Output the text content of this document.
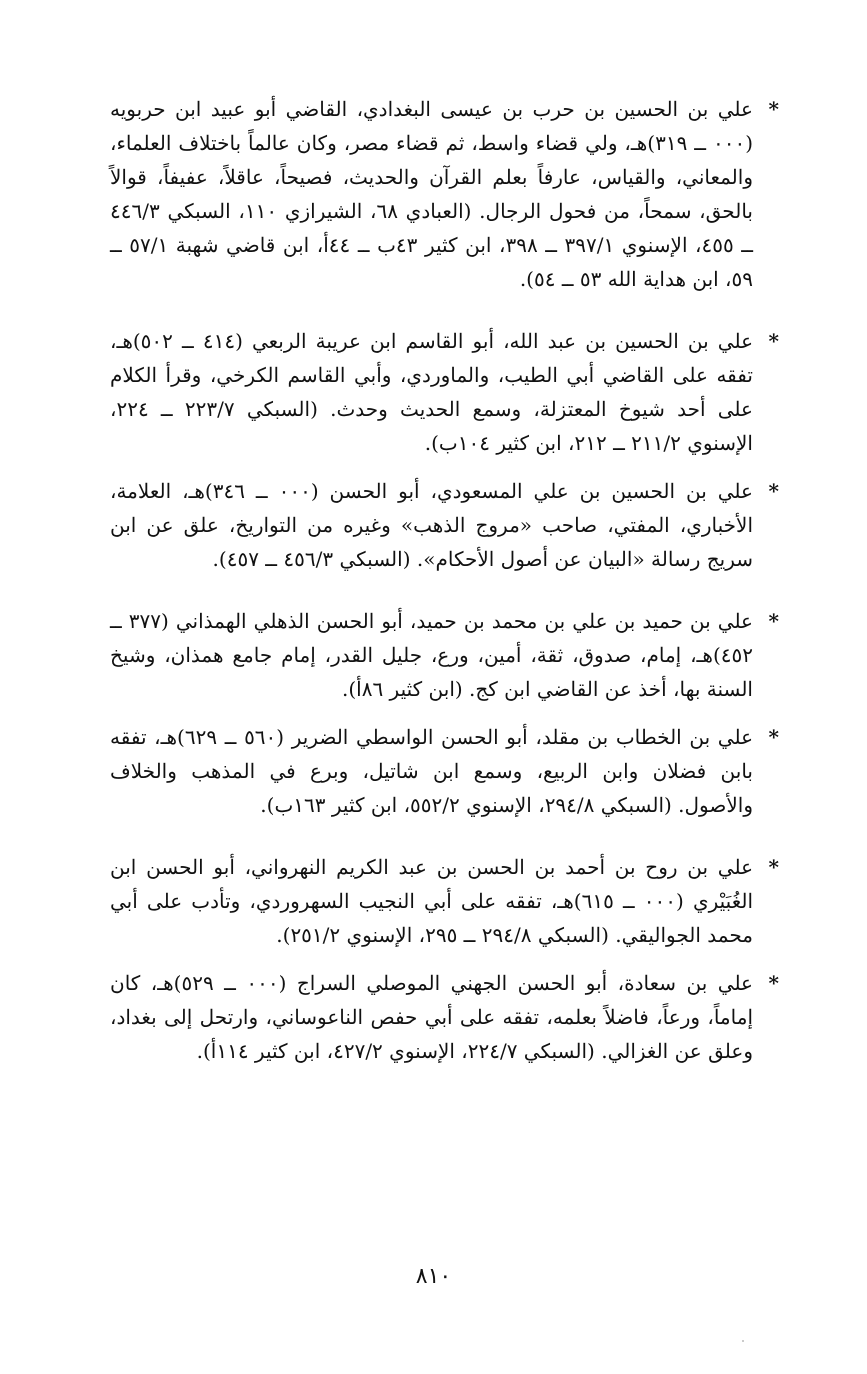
*
علي بن الحسين بن حرب بن عيسى البغدادي، القاضي أبو عبيد ابن حربويه (٠٠٠ ــ ٣١٩)هـ، ولي قضاء واسط، ثم قضاء مصر، وكان عالماً باختلاف العلماء، والمعاني، والقياس، عارفاً بعلم القرآن والحديث، فصيحاً، عاقلاً، عفيفاً، قوالاً بالحق، سمحاً، من فحول الرجال. (العبادي ٦٨، الشيرازي ١١٠، السبكي ٤٤٦/٣ ــ ٤٥٥، الإسنوي ٣٩٧/١ ــ ٣٩٨، ابن كثير ٤٣ب ــ ٤٤أ، ابن قاضي شهبة ٥٧/١ ــ ٥٩، ابن هداية الله ٥٣ ــ ٥٤).

*
علي بن الحسين بن عبد الله، أبو القاسم ابن عريبة الربعي (٤١٤ ــ ٥٠٢)هـ، تفقه على القاضي أبي الطيب، والماوردي، وأبي القاسم الكرخي، وقرأ الكلام على أحد شيوخ المعتزلة، وسمع الحديث وحدث. (السبكي ٢٢٣/٧ ــ ٢٢٤، الإسنوي ٢١١/٢ ــ ٢١٢، ابن كثير ١٠٤ب).

*
علي بن الحسين بن علي المسعودي، أبو الحسن (٠٠٠ ــ ٣٤٦)هـ، العلامة، الأخباري، المفتي، صاحب «مروج الذهب» وغيره من التواريخ، علق عن ابن سريج رسالة «البيان عن أصول الأحكام». (السبكي ٤٥٦/٣ ــ ٤٥٧).

*
علي بن حميد بن علي بن محمد بن حميد، أبو الحسن الذهلي الهمذاني (٣٧٧ ــ ٤٥٢)هـ، إمام، صدوق، ثقة، أمين، ورع، جليل القدر، إمام جامع همذان، وشيخ السنة بها، أخذ عن القاضي ابن كج. (ابن كثير ٨٦أ).

*
علي بن الخطاب بن مقلد، أبو الحسن الواسطي الضرير (٥٦٠ ــ ٦٢٩)هـ، تفقه بابن فضلان وابن الربيع، وسمع ابن شاتيل، وبرع في المذهب والخلاف والأصول. (السبكي ٢٩٤/٨، الإسنوي ٥٥٢/٢، ابن كثير ١٦٣ب).

*
علي بن روح بن أحمد بن الحسن بن عبد الكريم النهرواني، أبو الحسن ابن الغُبَيْري (٠٠٠ ــ ٦١٥)هـ، تفقه على أبي النجيب السهروردي، وتأدب على أبي محمد الجواليقي. (السبكي ٢٩٤/٨ ــ ٢٩٥، الإسنوي ٢٥١/٢).

*
علي بن سعادة، أبو الحسن الجهني الموصلي السراج (٠٠٠ ــ ٥٢٩)هـ، كان إماماً، ورعاً، فاضلاً بعلمه، تفقه على أبي حفص الناعوساني، وارتحل إلى بغداد، وعلق عن الغزالي. (السبكي ٢٢٤/٧، الإسنوي ٤٢٧/٢، ابن كثير ١١٤أ).

٨١٠
